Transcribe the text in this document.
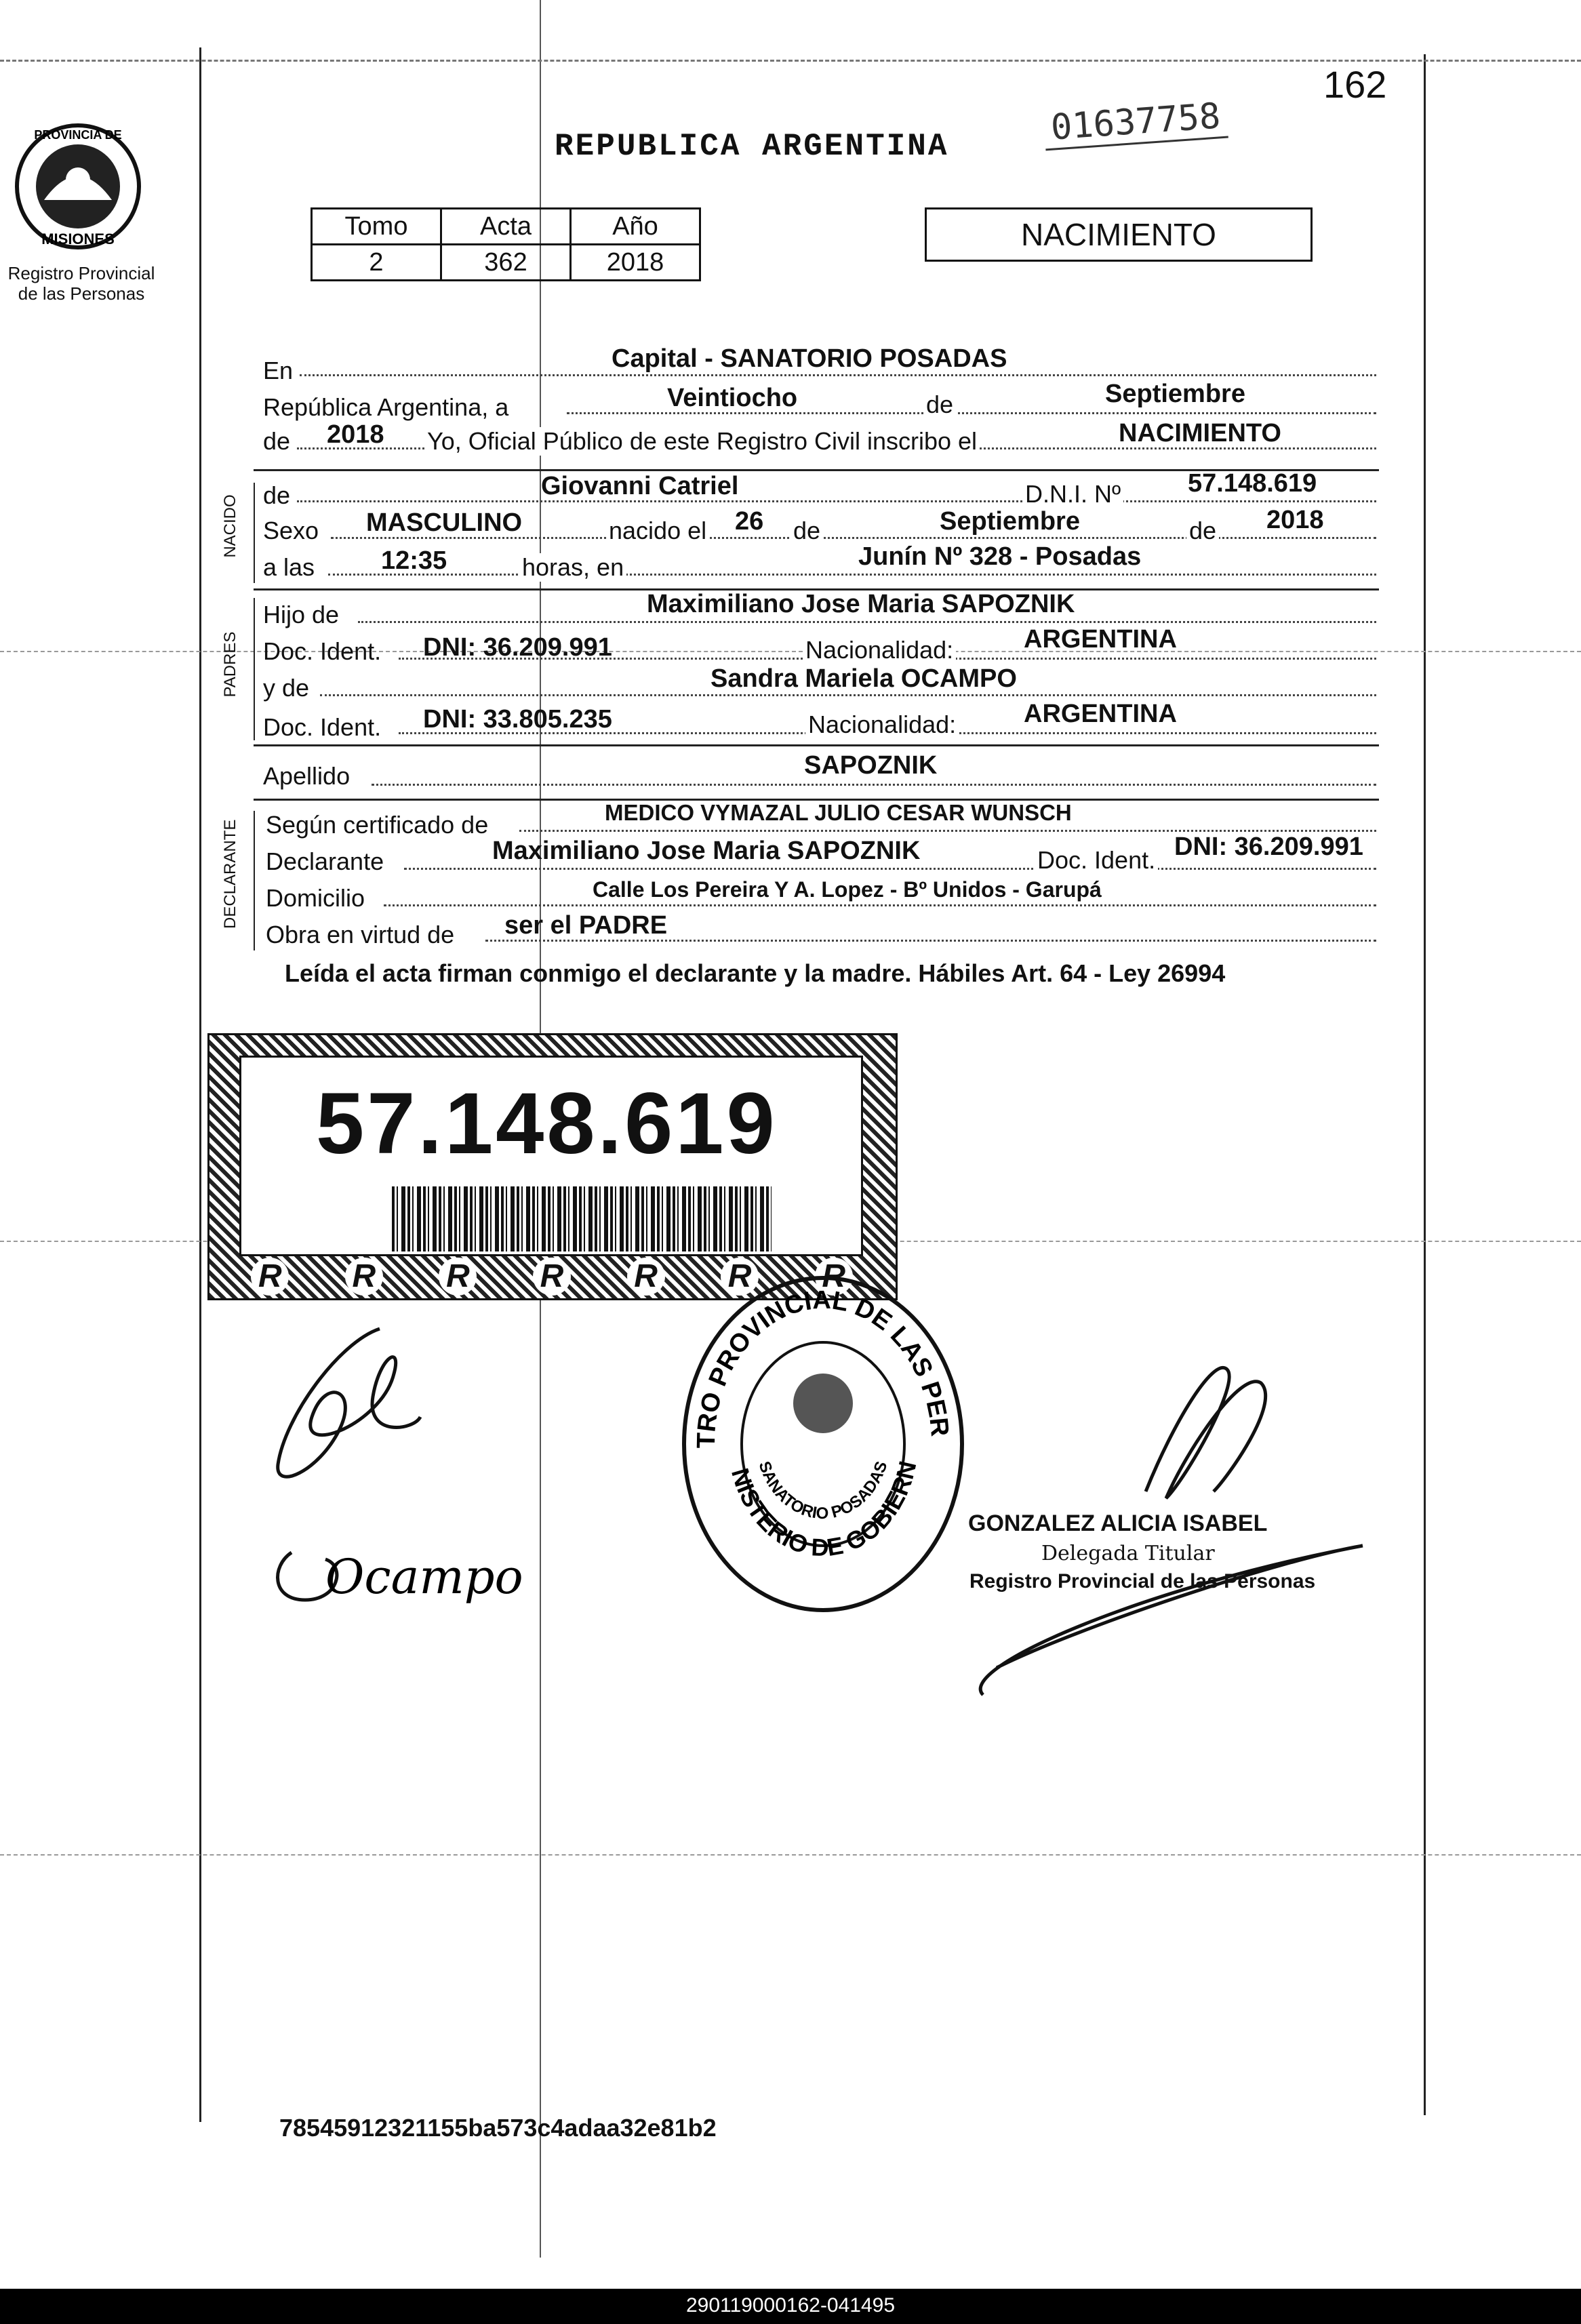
PROVINCIA DE
MISIONES
Registro Provincial de las Personas
162
01637758
REPUBLICA ARGENTINA
Tomo	Acta	Año
2	362	2018
NACIMIENTO
En	Capital - SANATORIO POSADAS
República Argentina, a	Veintiocho	de	Septiembre
de 2018 Yo, Oficial Público de este Registro Civil inscribo el	NACIMIENTO
NACIDO de	Giovanni Catriel	D.N.I. Nº	57.148.619
Sexo MASCULINO	nacido el 26 de	Septiembre	de 2018
a las	12:35	horas, en	Junín Nº 328 - Posadas
PADRES
Hijo de	Maximiliano Jose Maria SAPOZNIK
Doc. Ident. DNI: 36.209.991	Nacionalidad:	ARGENTINA
y de	Sandra Mariela OCAMPO
Doc. Ident. DNI: 33.805.235	Nacionalidad:	ARGENTINA
Apellido	SAPOZNIK
DECLARANTE Según certificado de	MEDICO VYMAZAL JULIO CESAR WUNSCH
Declarante	Maximiliano Jose Maria SAPOZNIK	Doc. Ident. DNI: 36.209.991
Domicilio	Calle Los Pereira Y A. Lopez - Bº Unidos - Garupá
Obra en virtud de ser el PADRE
Leída el acta firman conmigo el declarante y la madre. Hábiles Art. 64 - Ley 26994
57.148.619
R R R R R R R
TRO PROVINCIAL DE LAS PER
NISTERIO DE GOBIERN
SANATORIO POSADAS
Ocampo
GONZALEZ ALICIA ISABEL
Delegada Titular
Registro Provincial de las Personas
78545912321155ba573c4adaa32e81b2
290119000162-041495
